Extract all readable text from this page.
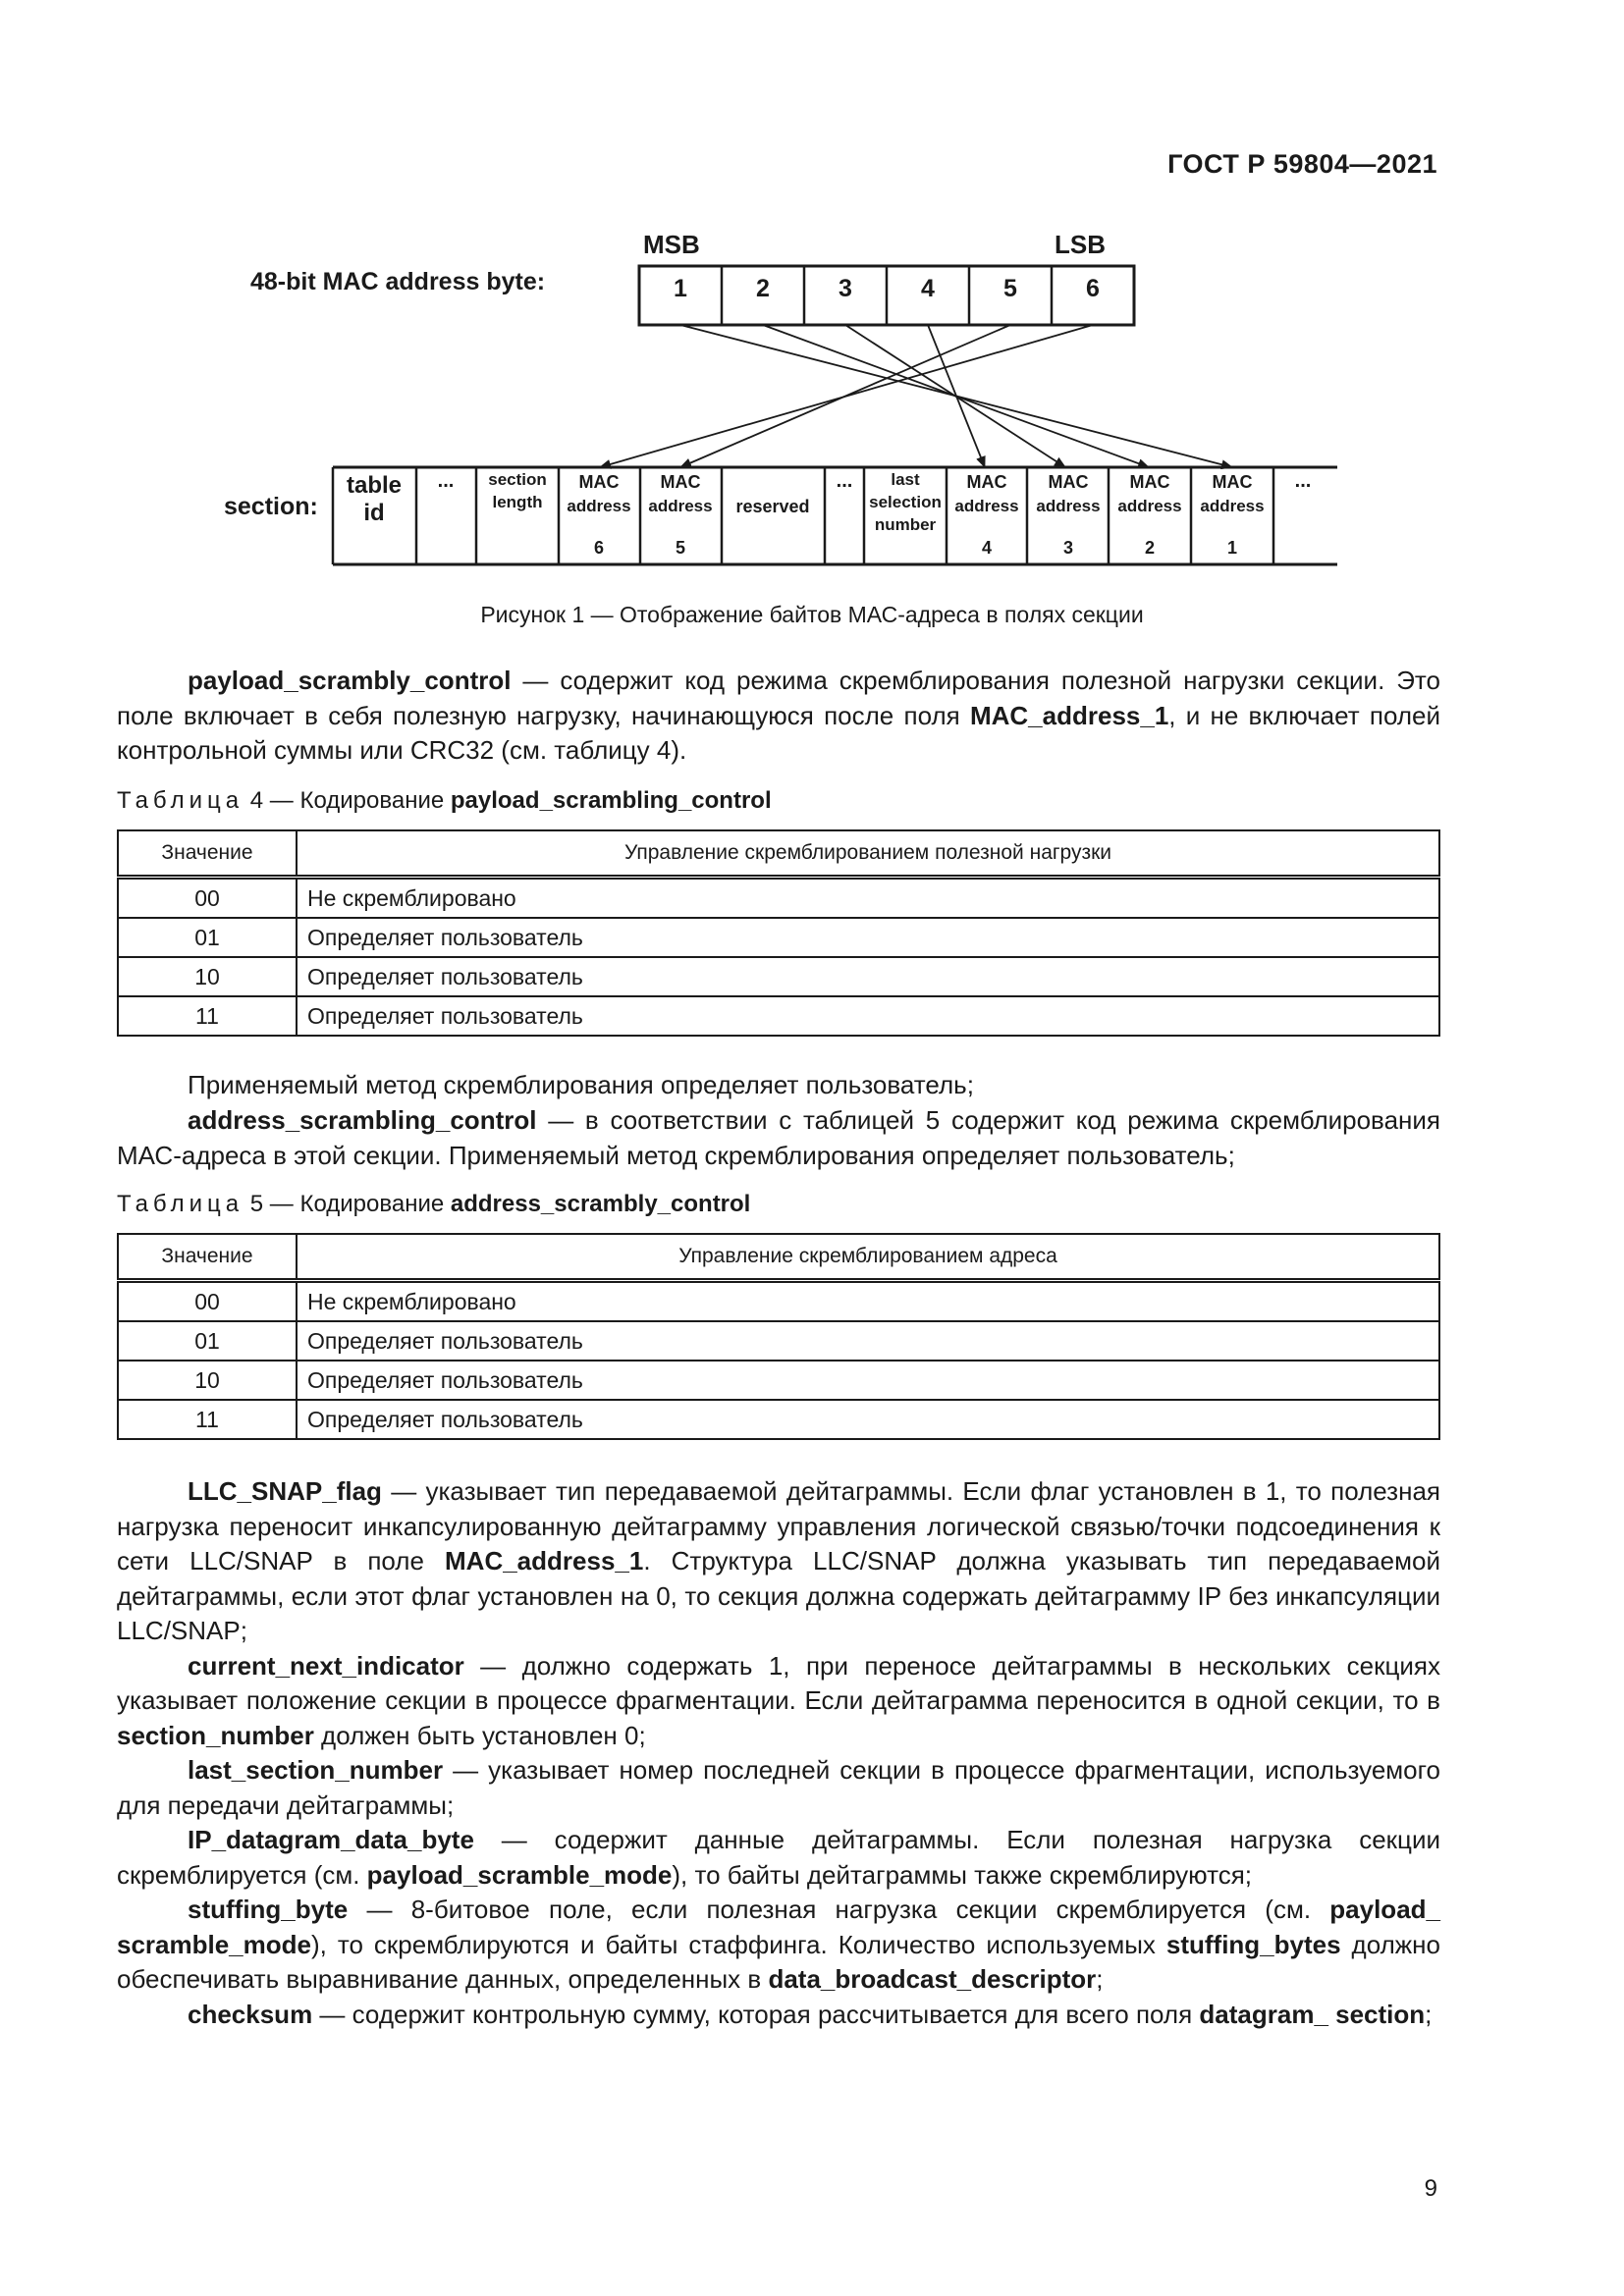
ГОСТ Р 59804—2021
MSB	LSB
48-bit MAC address byte:	1	2	3	4	5	6
section:
table
id
... section
length
MAC
address
6
MAC
address
5
reserved
... last
selection
number
MAC
address
4
MAC
address
3
MAC
address
2
MAC
address
1
...
Рисунок 1 — Отображение байтов МАС-адреса в полях секции

payload_scrambly_control — содержит код режима скремблирования полезной нагрузки секции. Это поле включает в себя полезную нагрузку, начинающуюся после поля MAC_address_1, и не включает полей контрольной суммы или CRC32 (см. таблицу 4).

Таблица 4 — Кодирование payload_scrambling_control
Значение	Управление скремблированием полезной нагрузки
00	Не скремблировано
01	Определяет пользователь
10	Определяет пользователь
11	Определяет пользователь

Применяемый метод скремблирования определяет пользователь;

address_scrambling_control — в соответствии с таблицей 5 содержит код режима скремблирования МАС-адреса в этой секции. Применяемый метод скремблирования определяет пользователь;

Таблица 5 — Кодирование address_scrambly_control
Значение	Управление скремблированием адреса
00	Не скремблировано
01	Определяет пользователь
10	Определяет пользователь
11	Определяет пользователь

LLC_SNAP_flag — указывает тип передаваемой дейтаграммы. Если флаг установлен в 1, то полезная нагрузка переносит инкапсулированную дейтаграмму управления логической связью/точки подсоединения к сети LLC/SNAP в поле MAC_address_1. Структура LLC/SNAP должна указывать тип передаваемой дейтаграммы, если этот флаг установлен на 0, то секция должна содержать дейтаграмму IP без инкапсуляции LLC/SNAP;

current_next_indicator — должно содержать 1, при переносе дейтаграммы в нескольких секциях указывает положение секции в процессе фрагментации. Если дейтаграмма переносится в одной секции, то в section_number должен быть установлен 0;

last_section_number — указывает номер последней секции в процессе фрагментации, используемого для передачи дейтаграммы;

IP_datagram_data_byte — содержит данные дейтаграммы. Если полезная нагрузка секции скремблируется (см. payload_scramble_mode), то байты дейтаграммы также скремблируются;

stuffing_byte — 8-битовое поле, если полезная нагрузка секции скремблируется (см. payload_ scramble_mode), то скремблируются и байты стаффинга. Количество используемых stuffing_bytes должно обеспечивать выравнивание данных, определенных в data_broadcast_descriptor;

checksum — содержит контрольную сумму, которая рассчитывается для всего поля datagram_ section;

9
